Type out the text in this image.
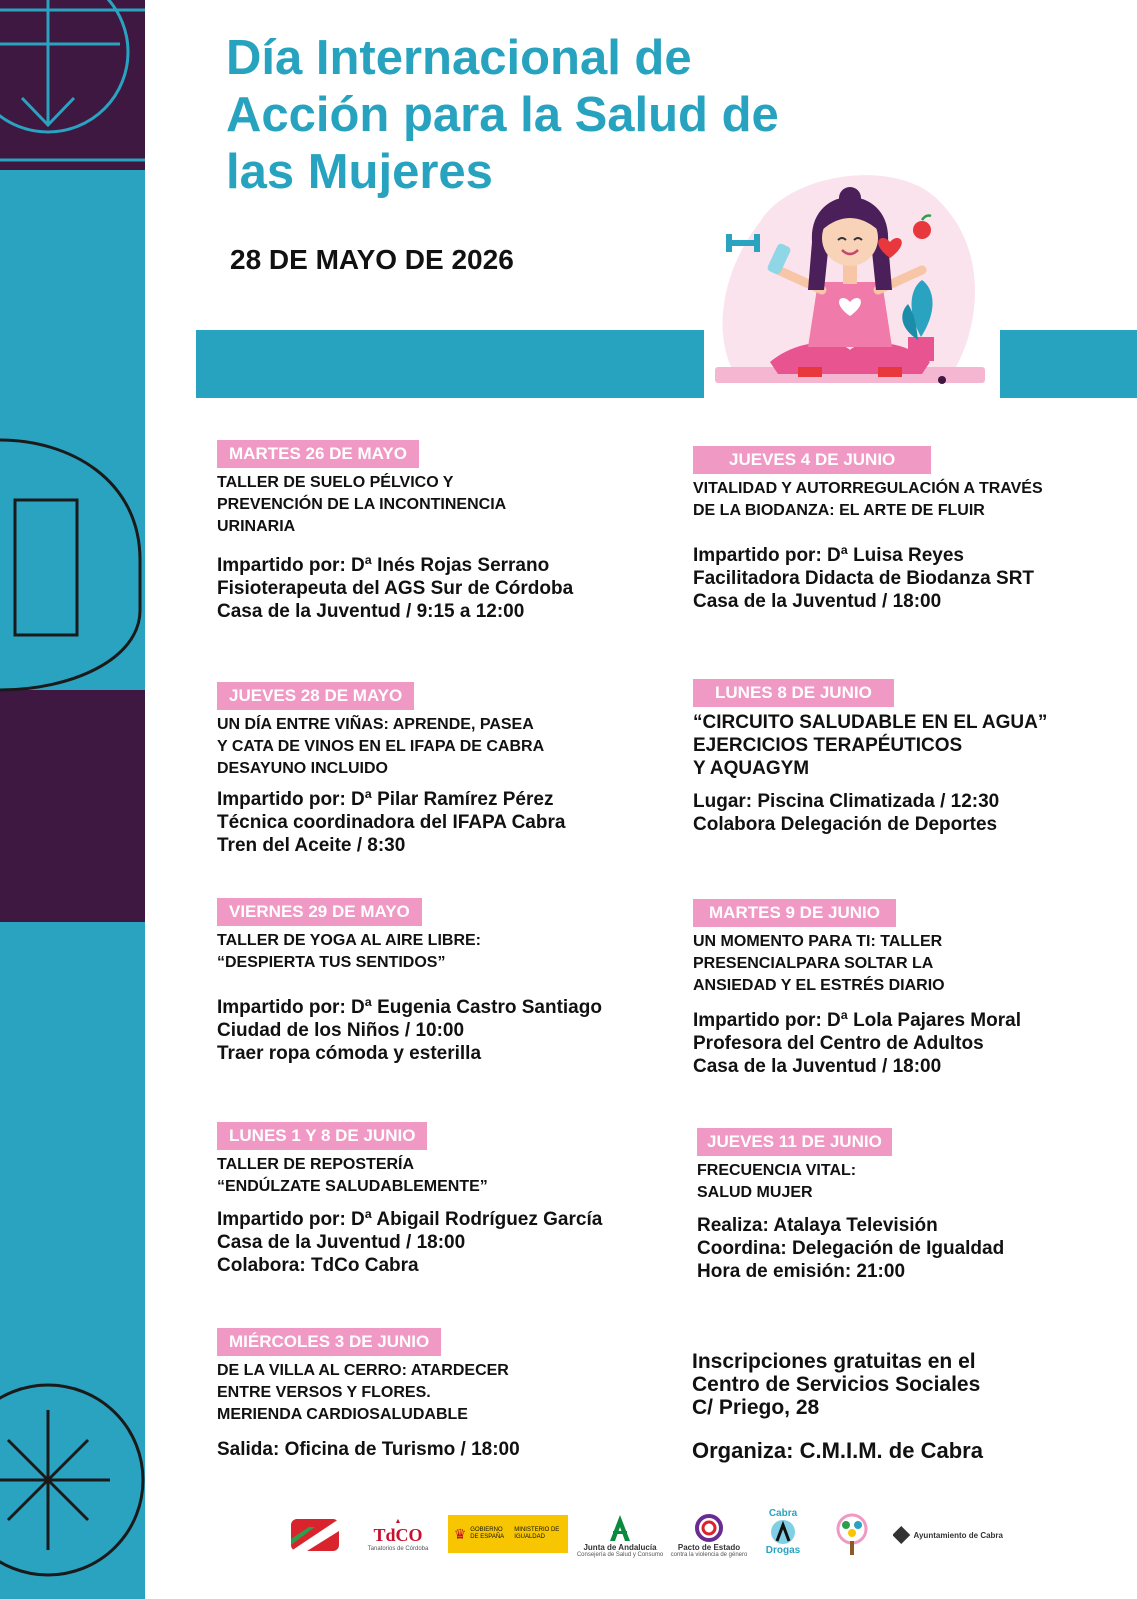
Día Internacional de
Acción para la Salud de
las Mujeres

28 DE MAYO DE 2026

MARTES 26 DE MAYO

TALLER DE SUELO PÉLVICO Y
PREVENCIÓN DE LA INCONTINENCIA
URINARIA

Impartido por: Dª Inés Rojas Serrano
Fisioterapeuta del AGS Sur de Córdoba
Casa de la Juventud / 9:15 a 12:00

JUEVES 28 DE MAYO

UN DÍA ENTRE VIÑAS: APRENDE, PASEA
Y CATA DE VINOS EN EL IFAPA DE CABRA
DESAYUNO INCLUIDO

Impartido por: Dª Pilar Ramírez Pérez
Técnica coordinadora del IFAPA Cabra
Tren del Aceite / 8:30

VIERNES 29 DE MAYO

TALLER DE YOGA AL AIRE LIBRE:
“DESPIERTA TUS SENTIDOS”

Impartido por: Dª Eugenia Castro Santiago
Ciudad de los Niños / 10:00
Traer ropa cómoda y esterilla

LUNES 1 Y 8 DE JUNIO

TALLER DE REPOSTERÍA
“ENDÚLZATE SALUDABLEMENTE”

Impartido por: Dª Abigail Rodríguez García
Casa de la Juventud / 18:00
Colabora: TdCo Cabra

MIÉRCOLES 3 DE JUNIO

DE LA VILLA AL CERRO: ATARDECER
ENTRE VERSOS Y FLORES.
MERIENDA CARDIOSALUDABLE

Salida: Oficina de Turismo / 18:00

JUEVES 4 DE JUNIO

VITALIDAD Y AUTORREGULACIÓN A TRAVÉS
DE LA BIODANZA: EL ARTE DE FLUIR

Impartido por: Dª Luisa Reyes
Facilitadora Didacta de Biodanza SRT
Casa de la Juventud / 18:00

LUNES 8 DE JUNIO

“CIRCUITO SALUDABLE EN EL AGUA”
EJERCICIOS TERAPÉUTICOS
Y AQUAGYM

Lugar: Piscina Climatizada / 12:30
Colabora Delegación de Deportes

MARTES 9 DE JUNIO

UN MOMENTO PARA TI: TALLER
PRESENCIALPARA SOLTAR LA
ANSIEDAD Y EL ESTRÉS DIARIO

Impartido por: Dª Lola Pajares Moral
Profesora del Centro de Adultos
Casa de la Juventud / 18:00

JUEVES 11 DE JUNIO

FRECUENCIA VITAL:
SALUD MUJER

Realiza: Atalaya Televisión
Coordina: Delegación de Igualdad
Hora de emisión: 21:00

Inscripciones gratuitas en el
Centro de Servicios Sociales
C/ Priego, 28
Organiza: C.M.I.M. de Cabra
▲
TdCO
Tanatorios de Córdoba
♛ GOBIERNO DE ESPAÑA
MINISTERIO DE IGUALDAD
Junta de Andalucía
Consejería de Salud y Consumo
Pacto de Estado
contra la violencia de género
Cabra
Drogas
Ayuntamiento de Cabra
